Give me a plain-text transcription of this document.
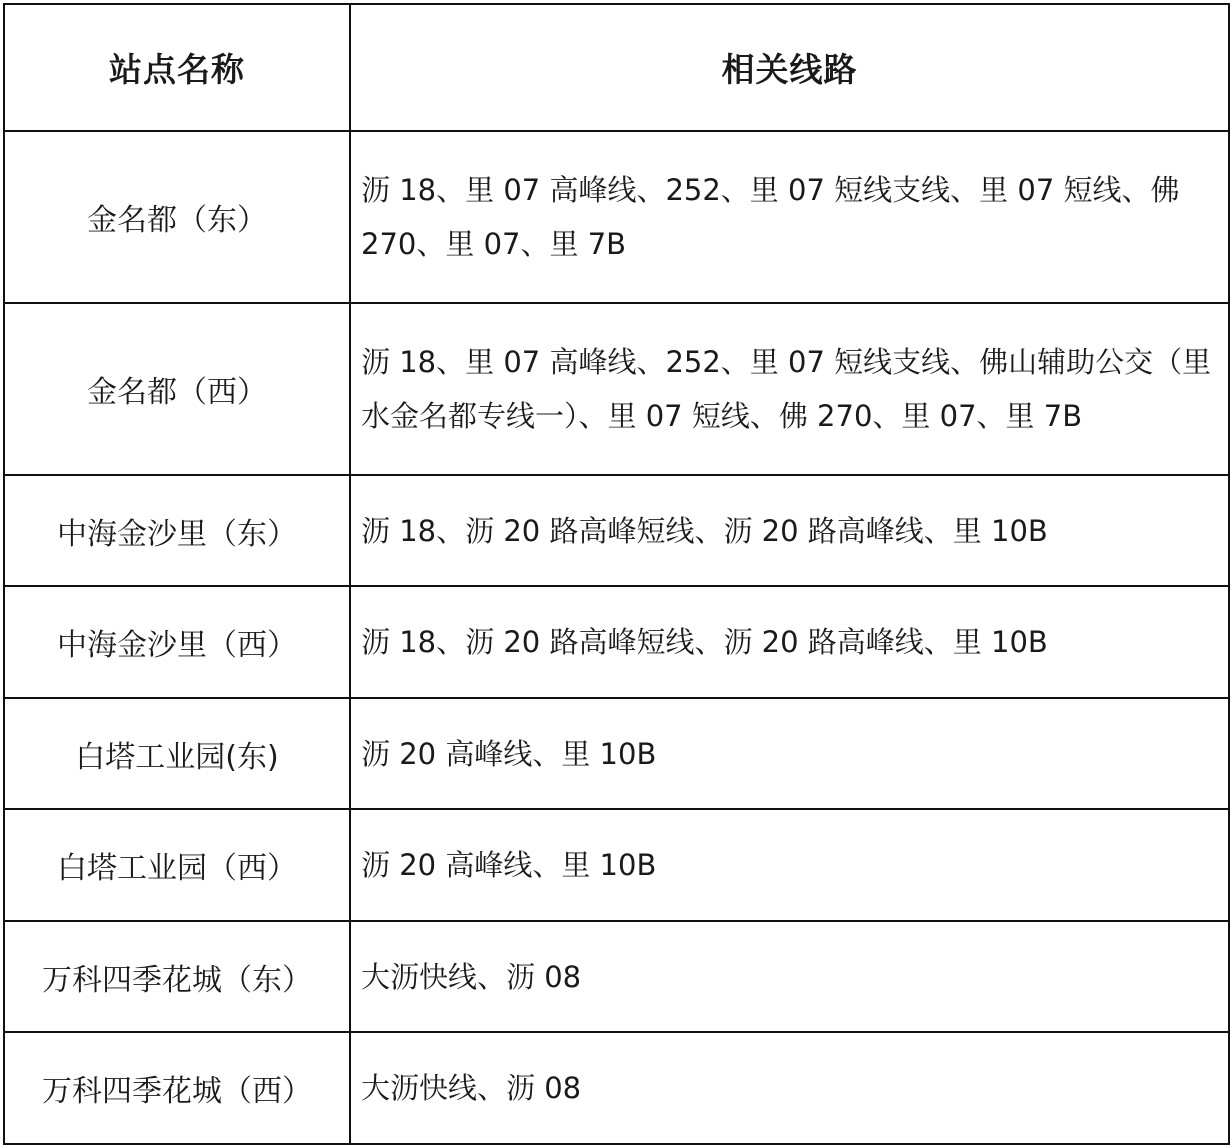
站点名称	相关线路
金名都（东）	沥 18、里 07 高峰线、252、里 07 短线支线、里 07 短线、佛 270、里 07、里 7B
金名都（西）	沥 18、里 07 高峰线、252、里 07 短线支线、佛山辅助公交（里水金名都专线一）、里 07 短线、佛 270、里 07、里 7B
中海金沙里（东）	沥 18、沥 20 路高峰短线、沥 20 路高峰线、里 10B
中海金沙里（西）	沥 18、沥 20 路高峰短线、沥 20 路高峰线、里 10B
白塔工业园(东)	沥 20 高峰线、里 10B
白塔工业园（西）	沥 20 高峰线、里 10B
万科四季花城（东）	大沥快线、沥 08
万科四季花城（西）	大沥快线、沥 08
